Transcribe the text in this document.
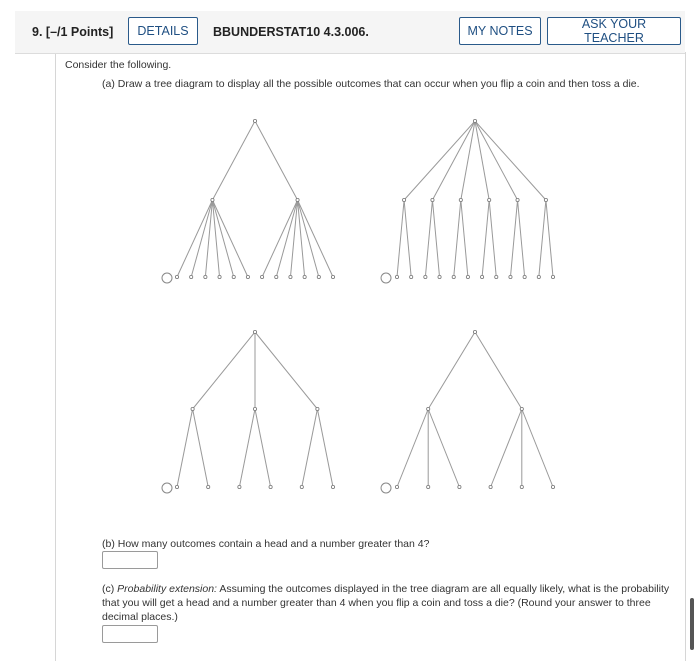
9. [–/1 Points]	DETAILS	BBUNDERSTAT10 4.3.006.	MY NOTES	ASK YOUR TEACHER
Consider the following.
(a) Draw a tree diagram to display all the possible outcomes that can occur when you flip a coin and then toss a die.
(b) How many outcomes contain a head and a number greater than 4?
(c) Probability extension: Assuming the outcomes displayed in the tree diagram are all equally likely, what is the probability that you will get a head and a number greater than 4 when you flip a coin and toss a die? (Round your answer to three decimal places.)
